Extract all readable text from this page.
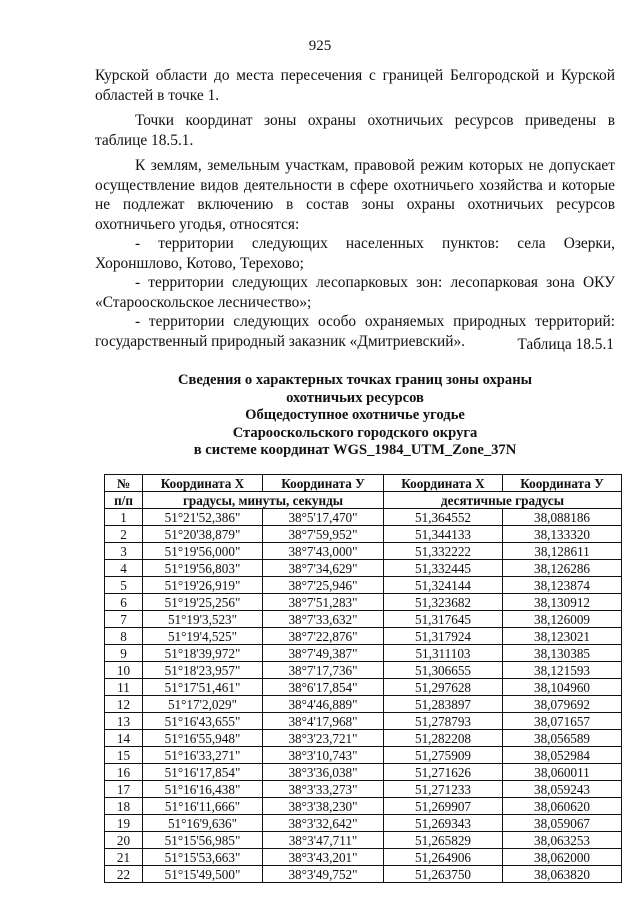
925

Курской области до места пересечения с границей Белгородской и Курской областей в точке 1.

Точки координат зоны охраны охотничьих ресурсов приведены в таблице 18.5.1.

К землям, земельным участкам, правовой режим которых не допускает осуществление видов деятельности в сфере охотничьего хозяйства и которые не подлежат включению в состав зоны охраны охотничьих ресурсов охотничьего угодья, относятся:

- территории следующих населенных пунктов: села Озерки, Хороншлово, Котово, Терехово;

- территории следующих лесопарковых зон: лесопарковая зона ОКУ «Старооскольское лесничество»;

- территории следующих особо охраняемых природных территорий: государственный природный заказник «Дмитриевский».	Таблица 18.5.1
Сведения о характерных точках границ зоны охраны
охотничьих ресурсов
Общедоступное охотничье угодье
Старооскольского городского округа
в системе координат WGS_1984_UTM_Zone_37N
№	Координата X	Координата У	Координата X	Координата У
п/п	градусы, минуты, секунды		десятичные градусы	
1	51°21'52,386"	38°5'17,470"	51,364552	38,088186
2	51°20'38,879"	38°7'59,952"	51,344133	38,133320
3	51°19'56,000"	38°7'43,000"	51,332222	38,128611
4	51°19'56,803"	38°7'34,629"	51,332445	38,126286
5	51°19'26,919"	38°7'25,946"	51,324144	38,123874
6	51°19'25,256"	38°7'51,283"	51,323682	38,130912
7	51°19'3,523"	38°7'33,632"	51,317645	38,126009
8	51°19'4,525"	38°7'22,876"	51,317924	38,123021
9	51°18'39,972"	38°7'49,387"	51,311103	38,130385
10	51°18'23,957"	38°7'17,736"	51,306655	38,121593
11	51°17'51,461"	38°6'17,854"	51,297628	38,104960
12	51°17'2,029"	38°4'46,889"	51,283897	38,079692
13	51°16'43,655"	38°4'17,968"	51,278793	38,071657
14	51°16'55,948"	38°3'23,721"	51,282208	38,056589
15	51°16'33,271"	38°3'10,743"	51,275909	38,052984
16	51°16'17,854"	38°3'36,038"	51,271626	38,060011
17	51°16'16,438"	38°3'33,273"	51,271233	38,059243
18	51°16'11,666"	38°3'38,230"	51,269907	38,060620
19	51°16'9,636"	38°3'32,642"	51,269343	38,059067
20	51°15'56,985"	38°3'47,711"	51,265829	38,063253
21	51°15'53,663"	38°3'43,201"	51,264906	38,062000
22	51°15'49,500"	38°3'49,752"	51,263750	38,063820
